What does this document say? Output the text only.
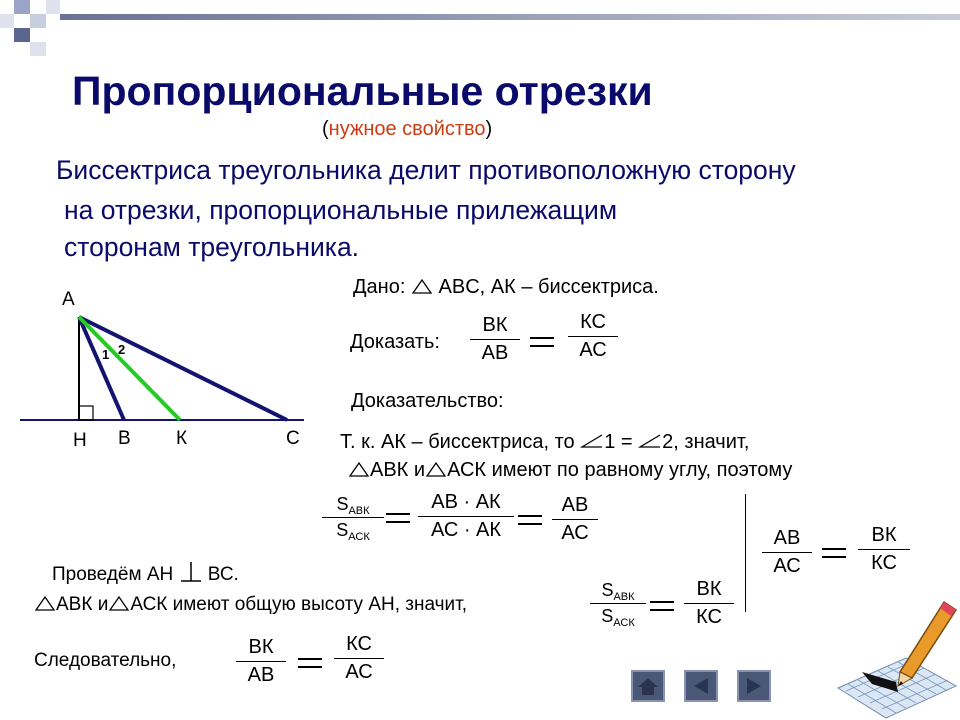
Пропорциональные отрезки
(нужное свойство)
Биссектриса треугольника делит противоположную сторону
на отрезки, пропорциональные прилежащим
сторонам треугольника.
A
H B К	C
1 2
Дано: ABC, АК – биссектриса.
Доказать:
ВК
АВ
КС
АС
Доказательство:
Т. к. АК – биссектриса, то 1 = 2, значит,
АВК и АСК имеют по равному углу, поэтому
$S_{АВК}$
$S_{АСК}$
АВ · АК
АС · АК
АВ
АС	АВ
АС
ВК
КС
Проведём АН ВС.
АВК и АСК имеют общую высоту АН, значит,
$S_{АВК}$
$S_{АСК}$
ВК
КС
Следовательно,
ВК
АВ
КС
АС
